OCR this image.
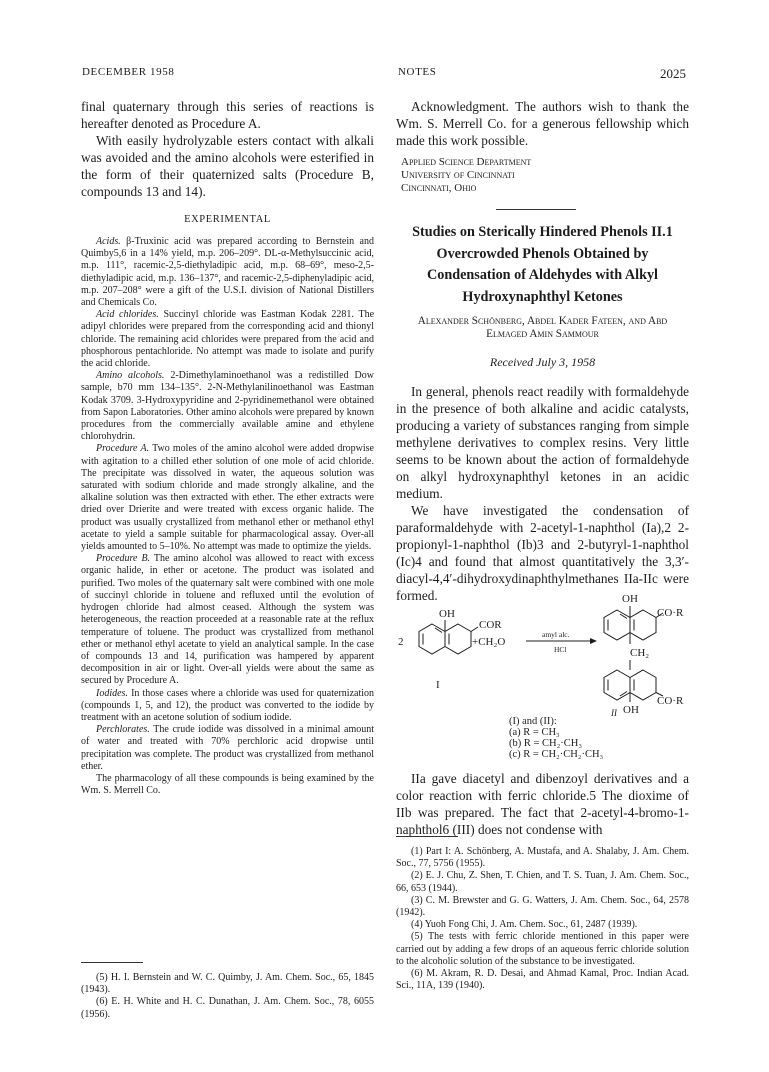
DECEMBER 1958	NOTES	2025

final quaternary through this series of reactions is hereafter denoted as Procedure A.

With easily hydrolyzable esters contact with alkali was avoided and the amino alcohols were esterified in the form of their quaternized salts (Procedure B, compounds 13 and 14).

EXPERIMENTAL

Acids. β-Truxinic acid was prepared according to Bernstein and Quimby5,6 in a 14% yield, m.p. 206–209°. DL-α-Methylsuccinic acid, m.p. 111°, racemic-2,5-diethyladipic acid, m.p. 68–69°, meso-2,5-diethyladipic acid, m.p. 136–137°, and racemic-2,5-diphenyladipic acid, m.p. 207–208° were a gift of the U.S.I. division of National Distillers and Chemicals Co.

Acid chlorides. Succinyl chloride was Eastman Kodak 2281. The adipyl chlorides were prepared from the corresponding acid and thionyl chloride. The remaining acid chlorides were prepared from the acid and phosphorous pentachloride. No attempt was made to isolate and purify the acid chloride.

Amino alcohols. 2-Dimethylaminoethanol was a redistilled Dow sample, b70 mm 134–135°. 2-N-Methylanilinoethanol was Eastman Kodak 3709. 3-Hydroxypyridine and 2-pyridinemethanol were obtained from Sapon Laboratories. Other amino alcohols were prepared by known procedures from the commercially available amine and ethylene chlorohydrin.

Procedure A. Two moles of the amino alcohol were added dropwise with agitation to a chilled ether solution of one mole of acid chloride. The precipitate was dissolved in water, the aqueous solution was saturated with sodium chloride and made strongly alkaline, and the alkaline solution was then extracted with ether. The ether extracts were dried over Drierite and were treated with excess organic halide. The product was usually crystallized from methanol ether or methanol ethyl acetate to yield a sample suitable for pharmacological assay. Over-all yields amounted to 5–10%. No attempt was made to optimize the yields.

Procedure B. The amino alcohol was allowed to react with excess organic halide, in ether or acetone. The product was isolated and purified. Two moles of the quaternary salt were combined with one mole of succinyl chloride in toluene and refluxed until the evolution of hydrogen chloride had almost ceased. Although the system was heterogeneous, the reaction proceeded at a reasonable rate at the reflux temperature of toluene. The product was crystallized from methanol ether or methanol ethyl acetate to yield an analytical sample. In the case of compounds 13 and 14, purification was hampered by apparent decomposition in air or light. Over-all yields were about the same as secured by Procedure A.

Iodides. In those cases where a chloride was used for quaternization (compounds 1, 5, and 12), the product was converted to the iodide by treatment with an acetone solution of sodium iodide.

Perchlorates. The crude iodide was dissolved in a minimal amount of water and treated with 70% perchloric acid dropwise until precipitation was complete. The product was crystallized from methanol ether.

The pharmacology of all these compounds is being examined by the Wm. S. Merrell Co.

(5) H. I. Bernstein and W. C. Quimby, J. Am. Chem. Soc., 65, 1845 (1943).
(6) E. H. White and H. C. Dunathan, J. Am. Chem. Soc., 78, 6055 (1956).

Acknowledgment. The authors wish to thank the Wm. S. Merrell Co. for a generous fellowship which made this work possible.

Applied Science Department
University of Cincinnati
Cincinnati, Ohio

Studies on Sterically Hindered Phenols II.1

Overcrowded Phenols Obtained by

Condensation of Aldehydes with Alkyl

Hydroxynaphthyl Ketones

Alexander Schönberg, Abdel Kader Fateen, and Abd
Elmaged Amin Sammour
Received July 3, 1958

In general, phenols react readily with formaldehyde in the presence of both alkaline and acidic catalysts, producing a variety of substances ranging from simple methylene derivatives to complex resins. Very little seems to be known about the action of formaldehyde on alkyl hydroxynaphthyl ketones in an acidic medium.

We have investigated the condensation of paraformaldehyde with 2-acetyl-1-naphthol (Ia),2 2-propionyl-1-naphthol (Ib)3 and 2-butyryl-1-naphthol (Ic)4 and found that almost quantitatively the 3,3′-diacyl-4,4′-dihydroxydinaphthylmethanes IIa-IIc were formed.

OH
COR
2	+CH₂O
amyl alc.
HCl
I
OH
CO·R
CH₂
CO·R
II OH
(I) and (II):
(a) R = CH₃
(b) R = CH₂·CH₃
(c) R = CH₂·CH₂·CH₃

IIa gave diacetyl and dibenzoyl derivatives and a color reaction with ferric chloride.5 The dioxime of IIb was prepared. The fact that 2-acetyl-4-bromo-1-naphthol6 (III) does not condense with

(1) Part I: A. Schönberg, A. Mustafa, and A. Shalaby, J. Am. Chem. Soc., 77, 5756 (1955).
(2) E. J. Chu, Z. Shen, T. Chien, and T. S. Tuan, J. Am. Chem. Soc., 66, 653 (1944).
(3) C. M. Brewster and G. G. Watters, J. Am. Chem. Soc., 64, 2578 (1942).
(4) Yuoh Fong Chi, J. Am. Chem. Soc., 61, 2487 (1939).
(5) The tests with ferric chloride mentioned in this paper were carried out by adding a few drops of an aqueous ferric chloride solution to the alcoholic solution of the substance to be investigated.
(6) M. Akram, R. D. Desai, and Ahmad Kamal, Proc. Indian Acad. Sci., 11A, 139 (1940).
